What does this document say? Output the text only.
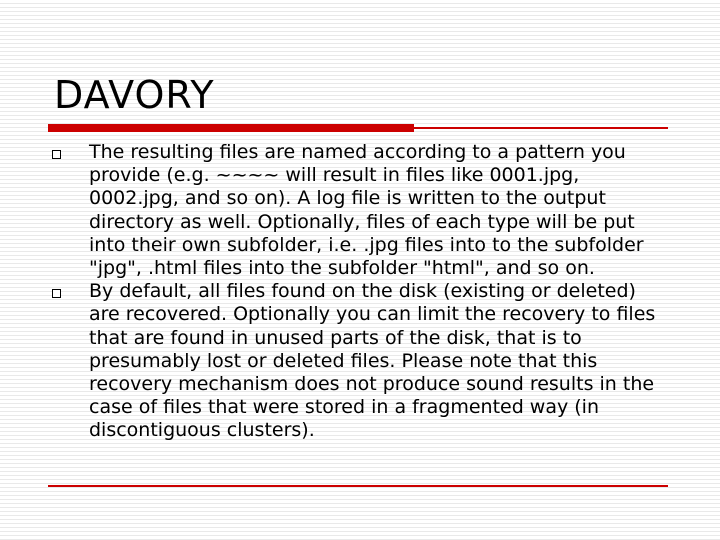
DAVORY
The resulting files are named according to a pattern you provide (e.g. ~~~~ will result in files like 0001.jpg, 0002.jpg, and so on). A log file is written to the output directory as well. Optionally, files of each type will be put into their own subfolder, i.e. .jpg files into to the subfolder "jpg", .html files into the subfolder "html", and so on.
By default, all files found on the disk (existing or deleted) are recovered. Optionally you can limit the recovery to files that are found in unused parts of the disk, that is to presumably lost or deleted files. Please note that this recovery mechanism does not produce sound results in the case of files that were stored in a fragmented way (in discontiguous clusters).
